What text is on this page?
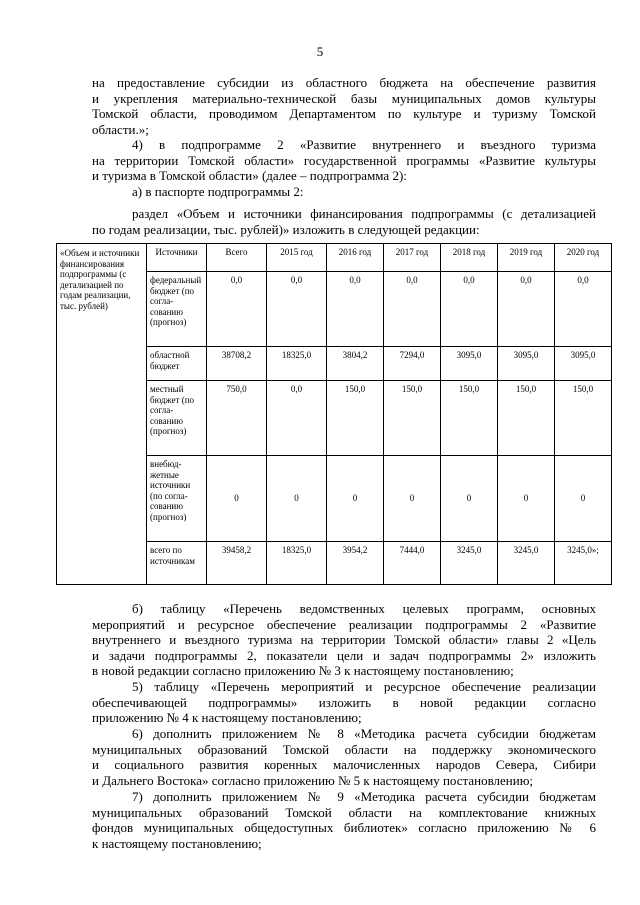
5
на предоставление субсидии из областного бюджета на обеспечение развития
и укрепления материально-технической базы муниципальных домов культуры
Томской области, проводимом Департаментом по культуре и туризму Томской
области.»;
4) в подпрограмме 2 «Развитие внутреннего и въездного туризма
на территории Томской области» государственной программы «Развитие культуры
и туризма в Томской области» (далее – подпрограмма 2):
а) в паспорте подпрограммы 2:
раздел «Объем и источники финансирования подпрограммы (с детализацией
по годам реализации, тыс. рублей)» изложить в следующей редакции:
«Объем и источники финансирования подпрограммы (с детализацией по годам реализации, тыс. рублей)	Источники	Всего	2015 год	2016 год	2017 год	2018 год	2019 год	2020 год
	федеральный бюджет (по согла-сованию (прогноз)	0,0	0,0	0,0	0,0	0,0	0,0	0,0
	областной бюджет	38708,2	18325,0	3804,2	7294,0	3095,0	3095,0	3095,0
	местный бюджет (по согла-сованию (прогноз)	750,0	0,0	150,0	150,0	150,0	150,0	150,0
	внебюд-жетные источники (по согла-сованию (прогноз)	0	0	0	0	0	0	0
	всего по источникам	39458,2	18325,0	3954,2	7444,0	3245,0	3245,0	3245,0»;
б) таблицу «Перечень ведомственных целевых программ, основных
мероприятий и ресурсное обеспечение реализации подпрограммы 2 «Развитие
внутреннего и въездного туризма на территории Томской области» главы 2 «Цель
и задачи подпрограммы 2, показатели цели и задач подпрограммы 2» изложить
в новой редакции согласно приложению № 3 к настоящему постановлению;
5) таблицу «Перечень мероприятий и ресурсное обеспечение реализации
обеспечивающей подпрограммы» изложить в новой редакции согласно
приложению № 4 к настоящему постановлению;
6) дополнить приложением № 8 «Методика расчета субсидии бюджетам
муниципальных образований Томской области на поддержку экономического
и социального развития коренных малочисленных народов Севера, Сибири
и Дальнего Востока» согласно приложению № 5 к настоящему постановлению;
7) дополнить приложением № 9 «Методика расчета субсидии бюджетам
муниципальных образований Томской области на комплектование книжных
фондов муниципальных общедоступных библиотек» согласно приложению № 6
к настоящему постановлению;
